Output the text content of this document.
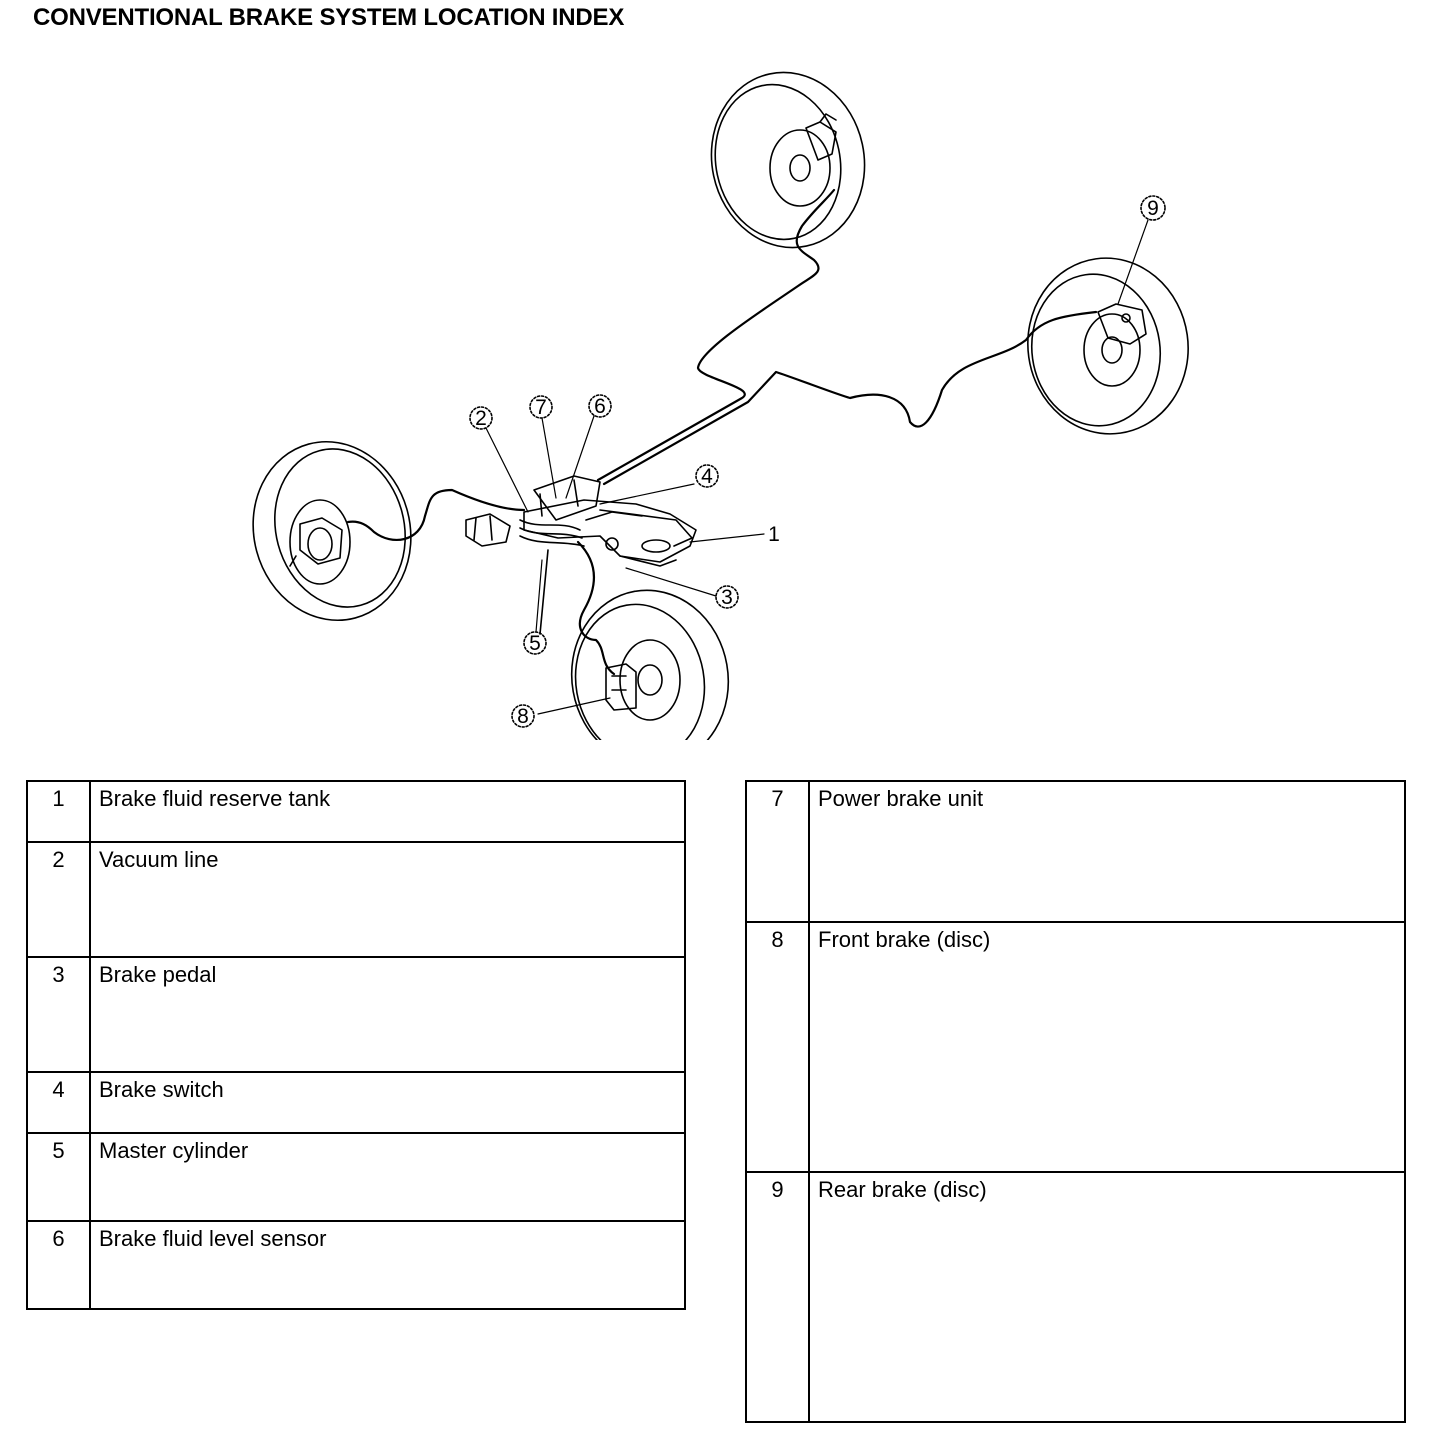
CONVENTIONAL BRAKE SYSTEM LOCATION INDEX
1
2
3
4
5
6
7
8
9
1	Brake fluid reserve tank
2	Vacuum line
3	Brake pedal
4	Brake switch
5	Master cylinder
6	Brake fluid level sensor
7	Power brake unit
8	Front brake (disc)
9	Rear brake (disc)
